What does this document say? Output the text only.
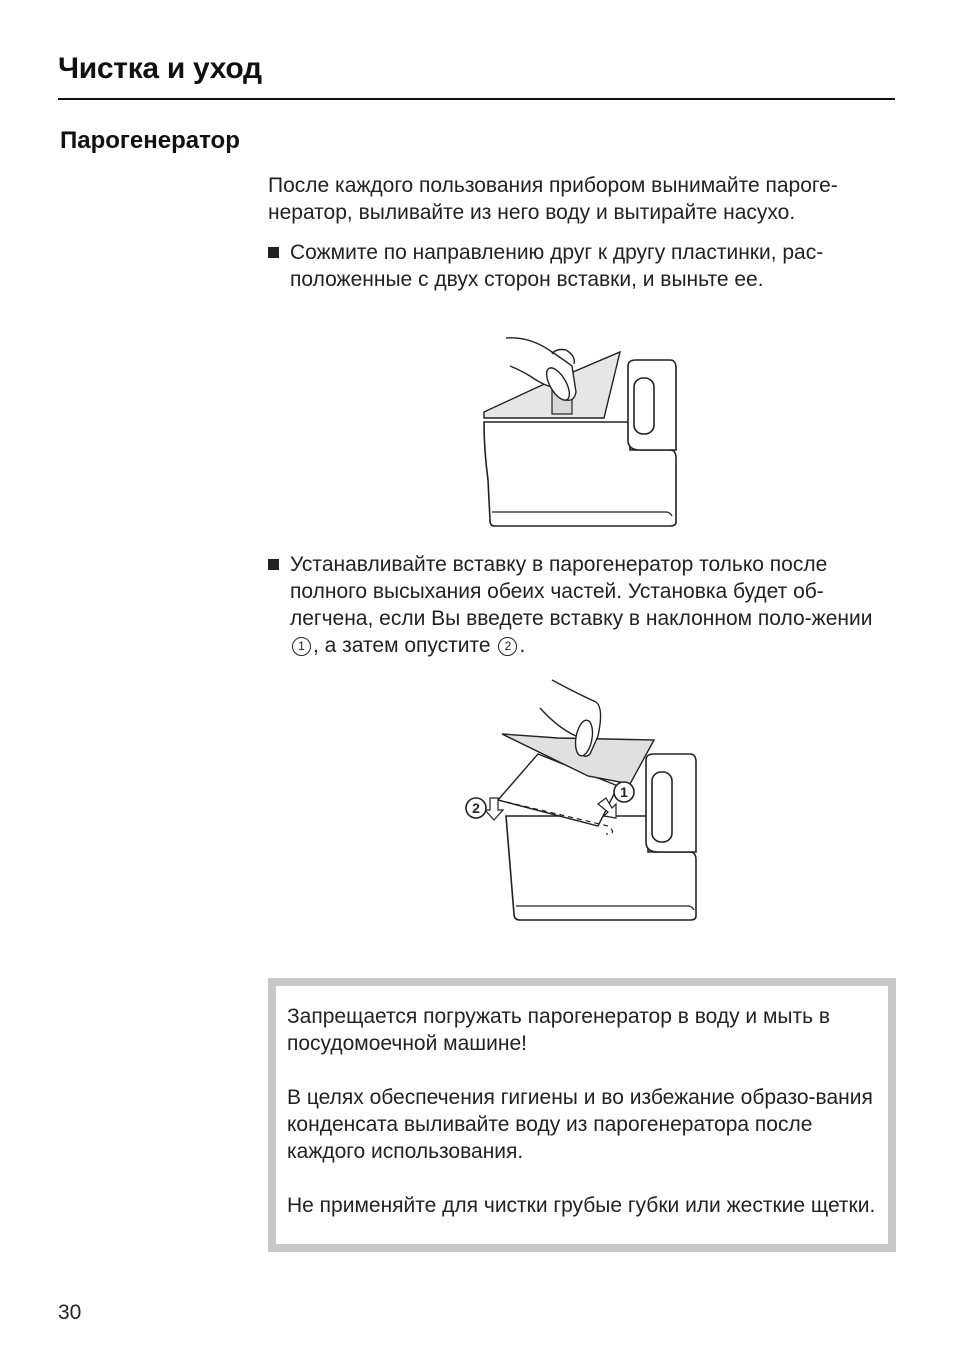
Чистка и уход
Парогенератор
После каждого пользования прибором вынимайте пароге-нератор, выливайте из него воду и вытирайте насухо.
Сожмите по направлению друг к другу пластинки, рас-положенные с двух сторон вставки, и выньте ее.
Устанавливайте вставку в парогенератор только после полного высыхания обеих частей. Установка будет об-легчена, если Вы введете вставку в наклонном поло-жении 1 , а затем опустите 2 .
2
1

Запрещается погружать парогенератор в воду и мыть в посудомоечной машине!

В целях обеспечения гигиены и во избежание образо-вания конденсата выливайте воду из парогенератора после каждого использования.

Не применяйте для чистки грубые губки или жесткие щетки.

30
